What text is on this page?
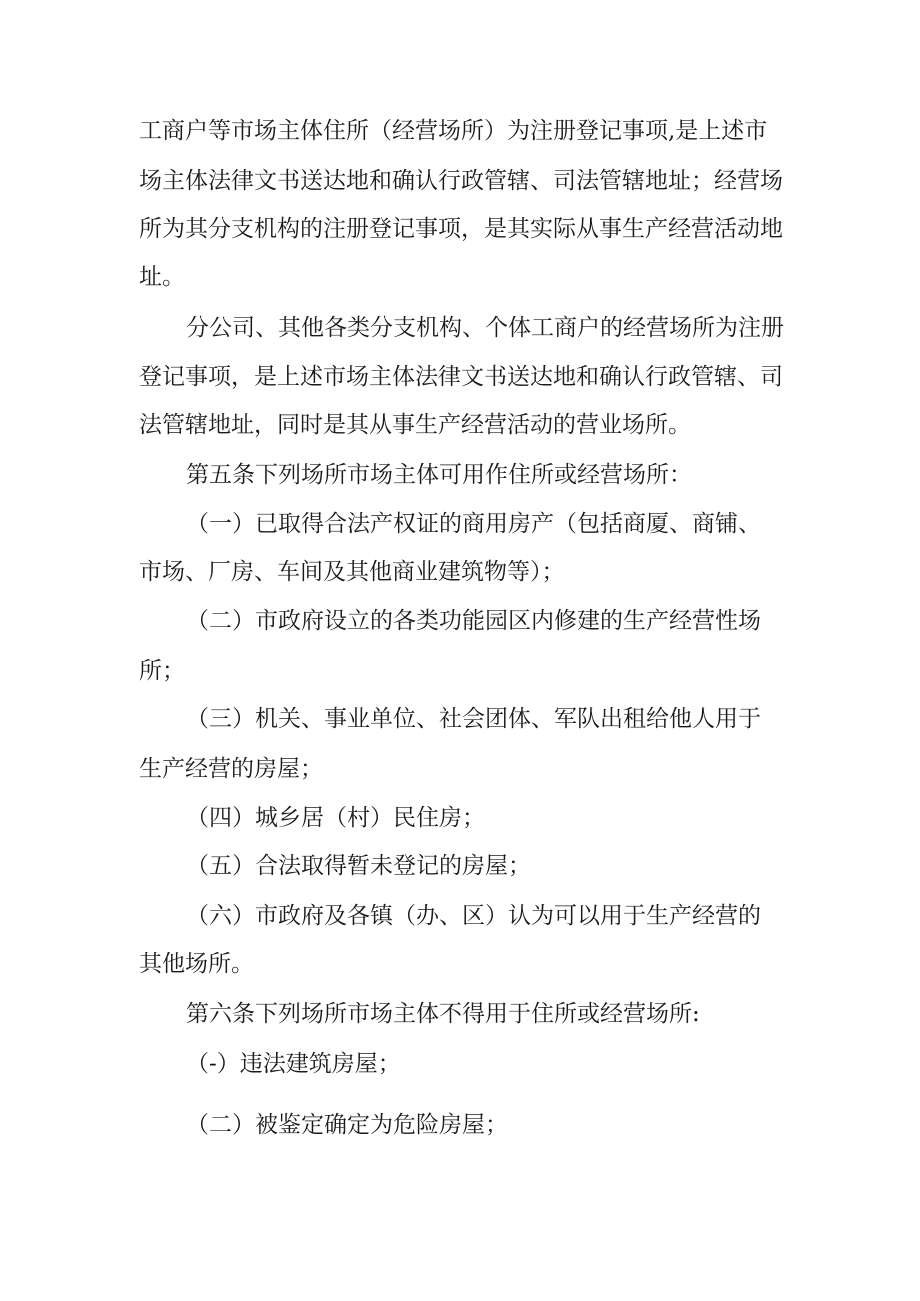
工商户等市场主体住所（经营场所）为注册登记事项,是上述市
场主体法律文书送达地和确认行政管辖、司法管辖地址；经营场
所为其分支机构的注册登记事项，是其实际从事生产经营活动地
址。
分公司、其他各类分支机构、个体工商户的经营场所为注册
登记事项，是上述市场主体法律文书送达地和确认行政管辖、司
法管辖地址，同时是其从事生产经营活动的营业场所。
第五条下列场所市场主体可用作住所或经营场所：
（一）已取得合法产权证的商用房产（包括商厦、商铺、
市场、厂房、车间及其他商业建筑物等）；
（二）市政府设立的各类功能园区内修建的生产经营性场
所；
（三）机关、事业单位、社会团体、军队出租给他人用于
生产经营的房屋；
（四）城乡居（村）民住房；
（五）合法取得暂未登记的房屋；
（六）市政府及各镇（办、区）认为可以用于生产经营的
其他场所。
第六条下列场所市场主体不得用于住所或经营场所:
（-）违法建筑房屋；
（二）被鉴定确定为危险房屋；
